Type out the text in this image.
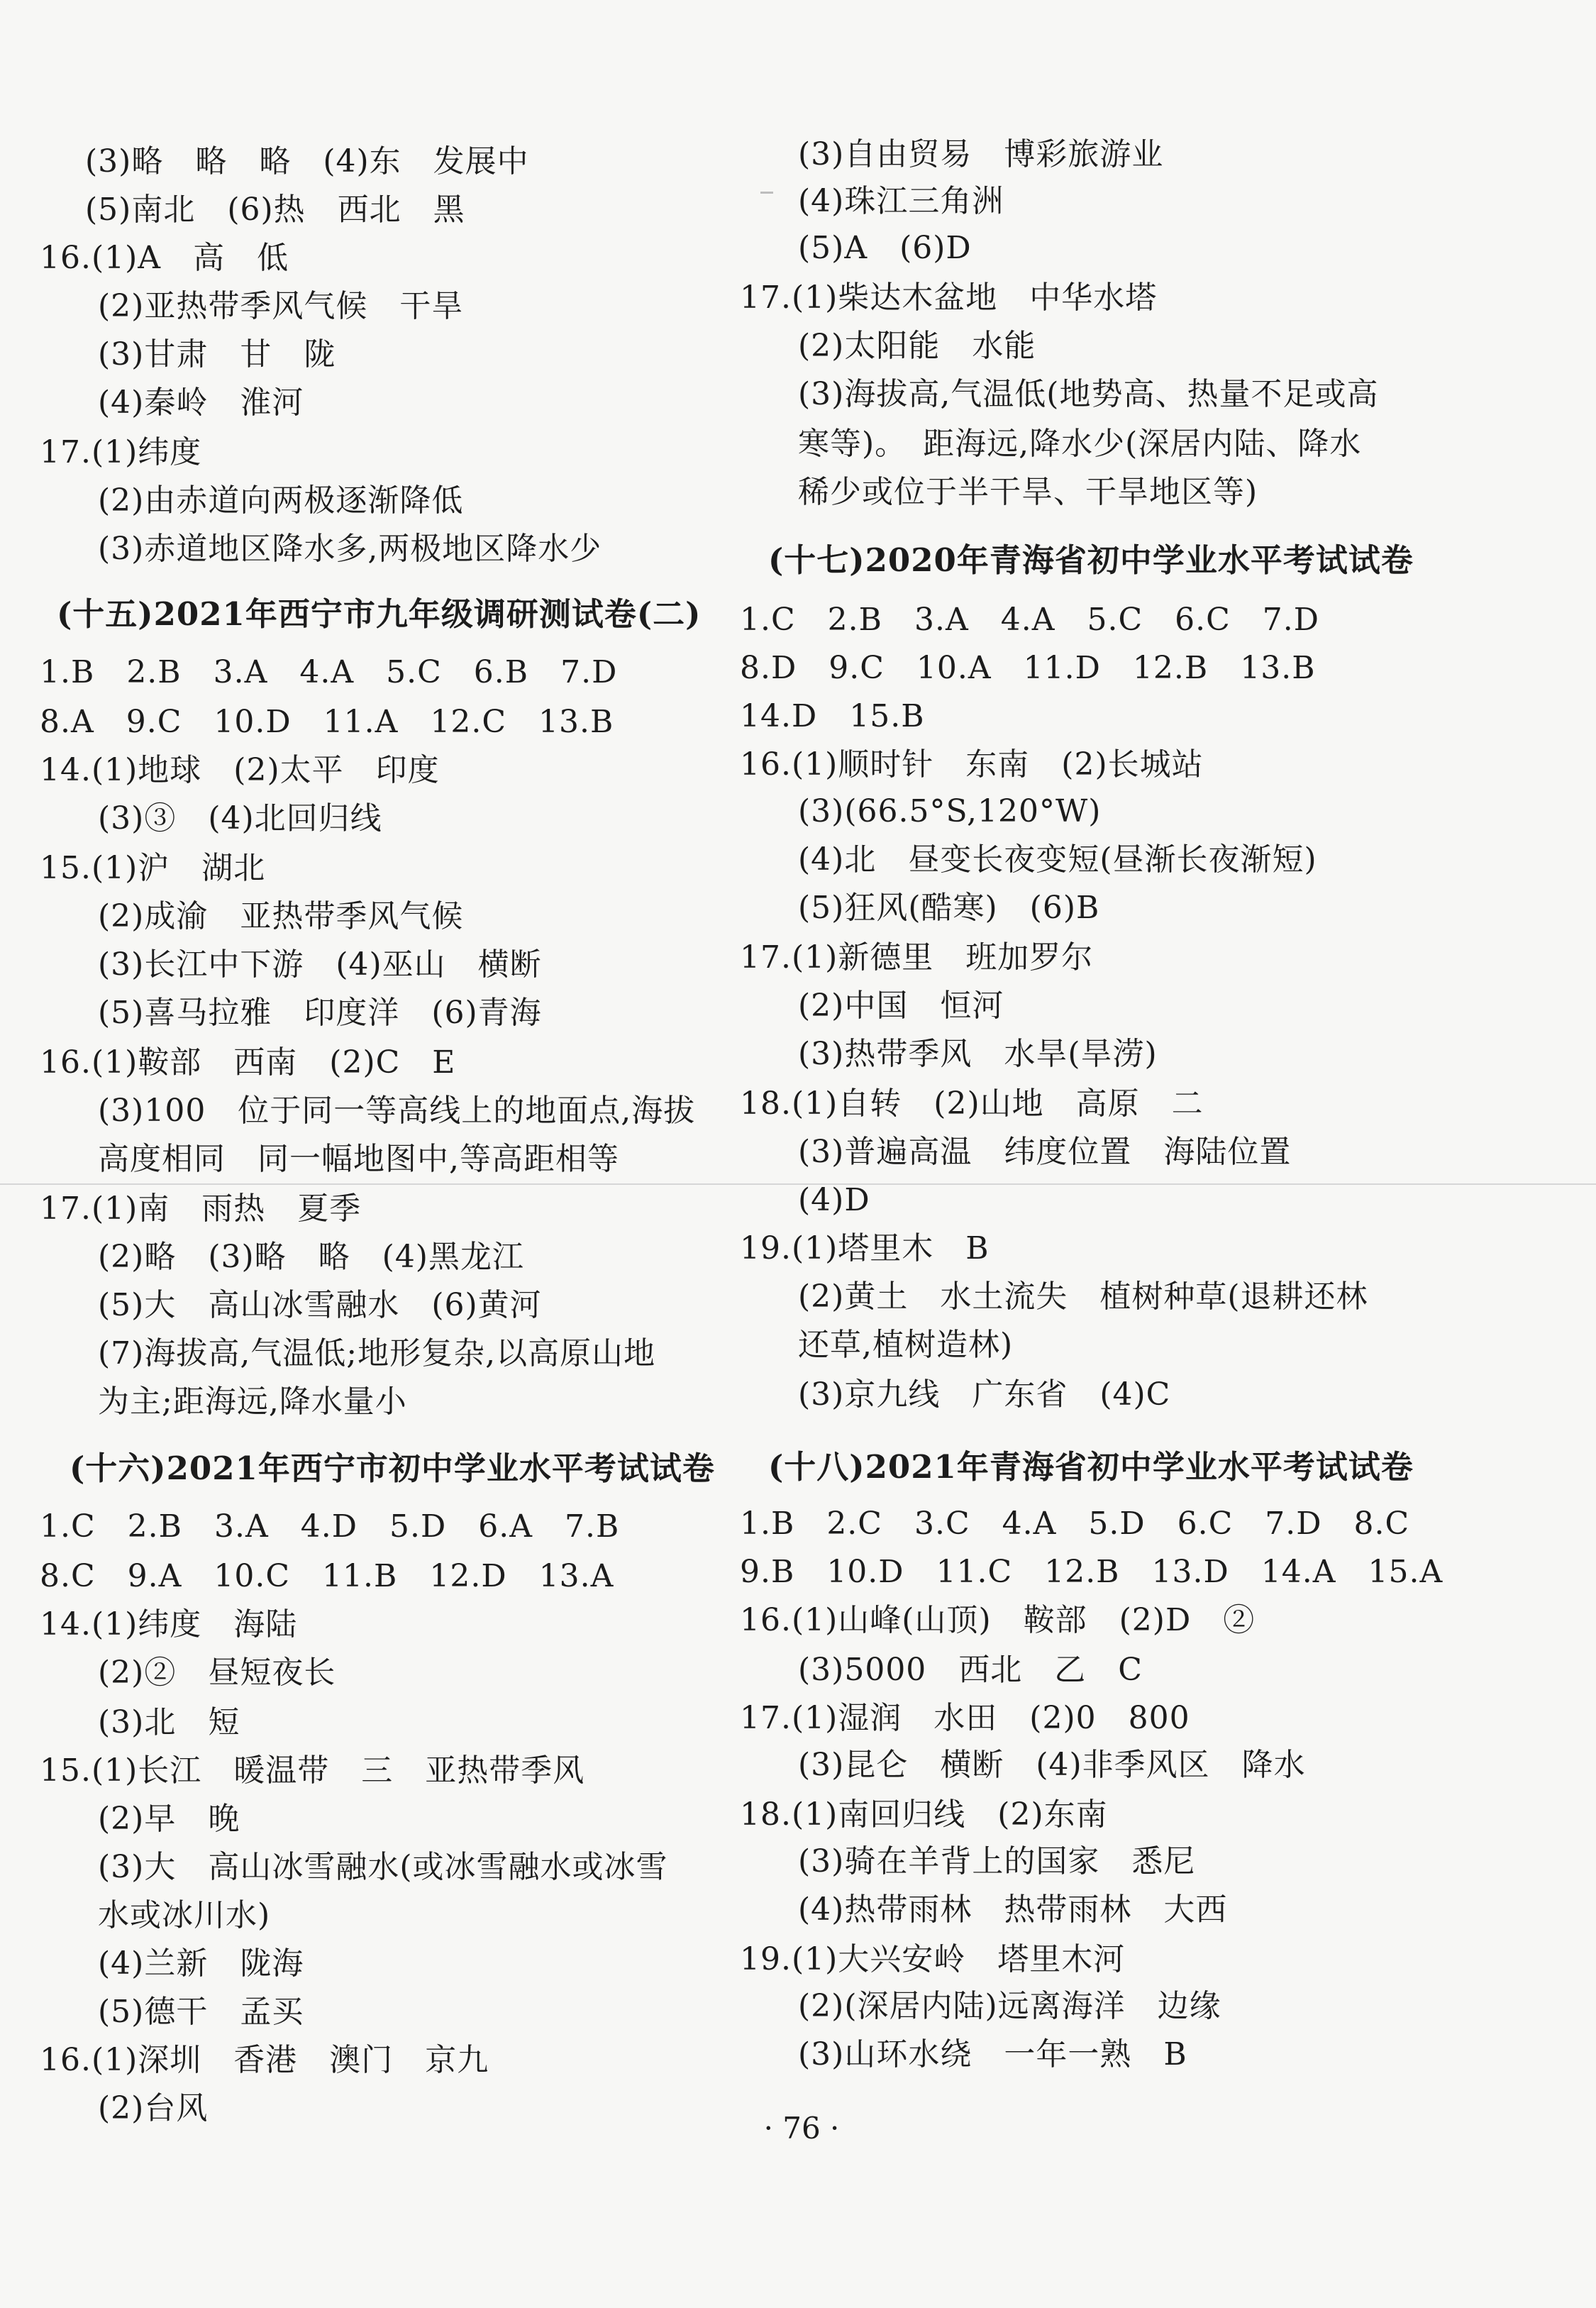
(3)略　略　略　(4)东　发展中
(5)南北　(6)热　西北　黑
16.(1)A　高　低
(2)亚热带季风气候　干旱
(3)甘肃　甘　陇
(4)秦岭　淮河
17.(1)纬度
(2)由赤道向两极逐渐降低
(3)赤道地区降水多,两极地区降水少
(十五)2021年西宁市九年级调研测试卷(二)
1.B　2.B　3.A　4.A　5.C　6.B　7.D
8.A　9.C　10.D　11.A　12.C　13.B
14.(1)地球　(2)太平　印度
(3)③　(4)北回归线
15.(1)沪　湖北
(2)成渝　亚热带季风气候
(3)长江中下游　(4)巫山　横断
(5)喜马拉雅　印度洋　(6)青海
16.(1)鞍部　西南　(2)C　E
(3)100　位于同一等高线上的地面点,海拔
高度相同　同一幅地图中,等高距相等
17.(1)南　雨热　夏季
(2)略　(3)略　略　(4)黑龙江
(5)大　高山冰雪融水　(6)黄河
(7)海拔高,气温低;地形复杂,以高原山地
为主;距海远,降水量小
(十六)2021年西宁市初中学业水平考试试卷
1.C　2.B　3.A　4.D　5.D　6.A　7.B
8.C　9.A　10.C　11.B　12.D　13.A
14.(1)纬度　海陆
(2)②　昼短夜长
(3)北　短
15.(1)长江　暖温带　三　亚热带季风
(2)早　晚
(3)大　高山冰雪融水(或冰雪融水或冰雪
水或冰川水)
(4)兰新　陇海
(5)德干　孟买
16.(1)深圳　香港　澳门　京九
(2)台风
(3)自由贸易　博彩旅游业
(4)珠江三角洲
(5)A　(6)D
17.(1)柴达木盆地　中华水塔
(2)太阳能　水能
(3)海拔高,气温低(地势高、热量不足或高
寒等)。　距海远,降水少(深居内陆、降水
稀少或位于半干旱、干旱地区等)
(十七)2020年青海省初中学业水平考试试卷
1.C　2.B　3.A　4.A　5.C　6.C　7.D
8.D　9.C　10.A　11.D　12.B　13.B
14.D　15.B
16.(1)顺时针　东南　(2)长城站
(3)(66.5°S,120°W)
(4)北　昼变长夜变短(昼渐长夜渐短)
(5)狂风(酷寒)　(6)B
17.(1)新德里　班加罗尔
(2)中国　恒河
(3)热带季风　水旱(旱涝)
18.(1)自转　(2)山地　高原　二
(3)普遍高温　纬度位置　海陆位置
(4)D
19.(1)塔里木　B
(2)黄土　水土流失　植树种草(退耕还林
还草,植树造林)
(3)京九线　广东省　(4)C
(十八)2021年青海省初中学业水平考试试卷
1.B　2.C　3.C　4.A　5.D　6.C　7.D　8.C
9.B　10.D　11.C　12.B　13.D　14.A　15.A
16.(1)山峰(山顶)　鞍部　(2)D　②
(3)5000　西北　乙　C
17.(1)湿润　水田　(2)0　800
(3)昆仑　横断　(4)非季风区　降水
18.(1)南回归线　(2)东南
(3)骑在羊背上的国家　悉尼
(4)热带雨林　热带雨林　大西
19.(1)大兴安岭　塔里木河
(2)(深居内陆)远离海洋　边缘
(3)山环水绕　一年一熟　B
· 76 ·
